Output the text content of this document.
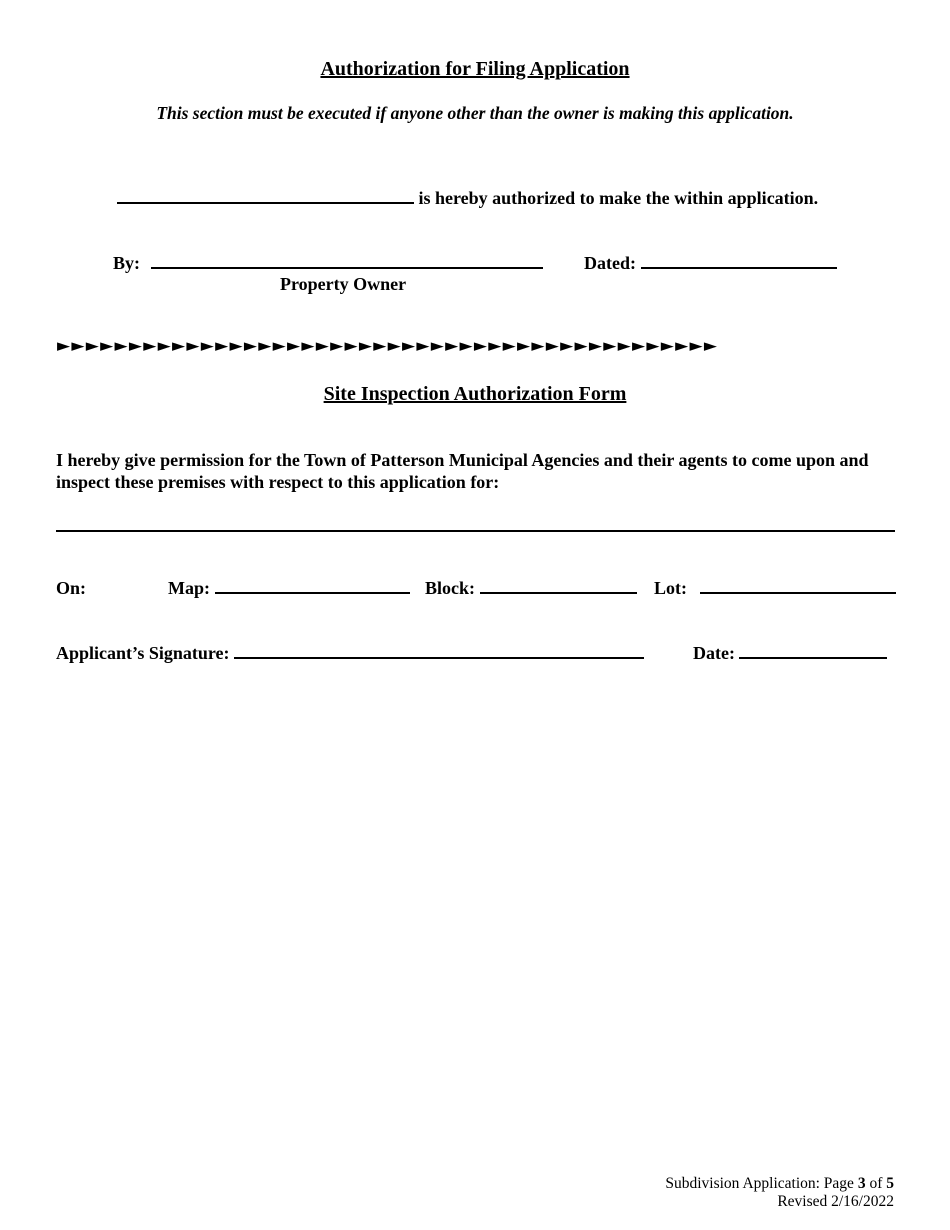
Authorization for Filing Application
This section must be executed if anyone other than the owner is making this application.
is hereby authorized to make the within application.
By:	Dated:
Property Owner
►►►►►►►►►►►►►►►►►►►►►►►►►►►►►►►►►►►►►►►►►►►►►►
Site Inspection Authorization Form
I hereby give permission for the Town of Patterson Municipal Agencies and their agents to come upon and inspect these premises with respect to this application for:
On:	Map:	Block:	Lot:
Applicant’s Signature:	Date:
Subdivision Application: Page 3 of 5
Revised 2/16/2022
